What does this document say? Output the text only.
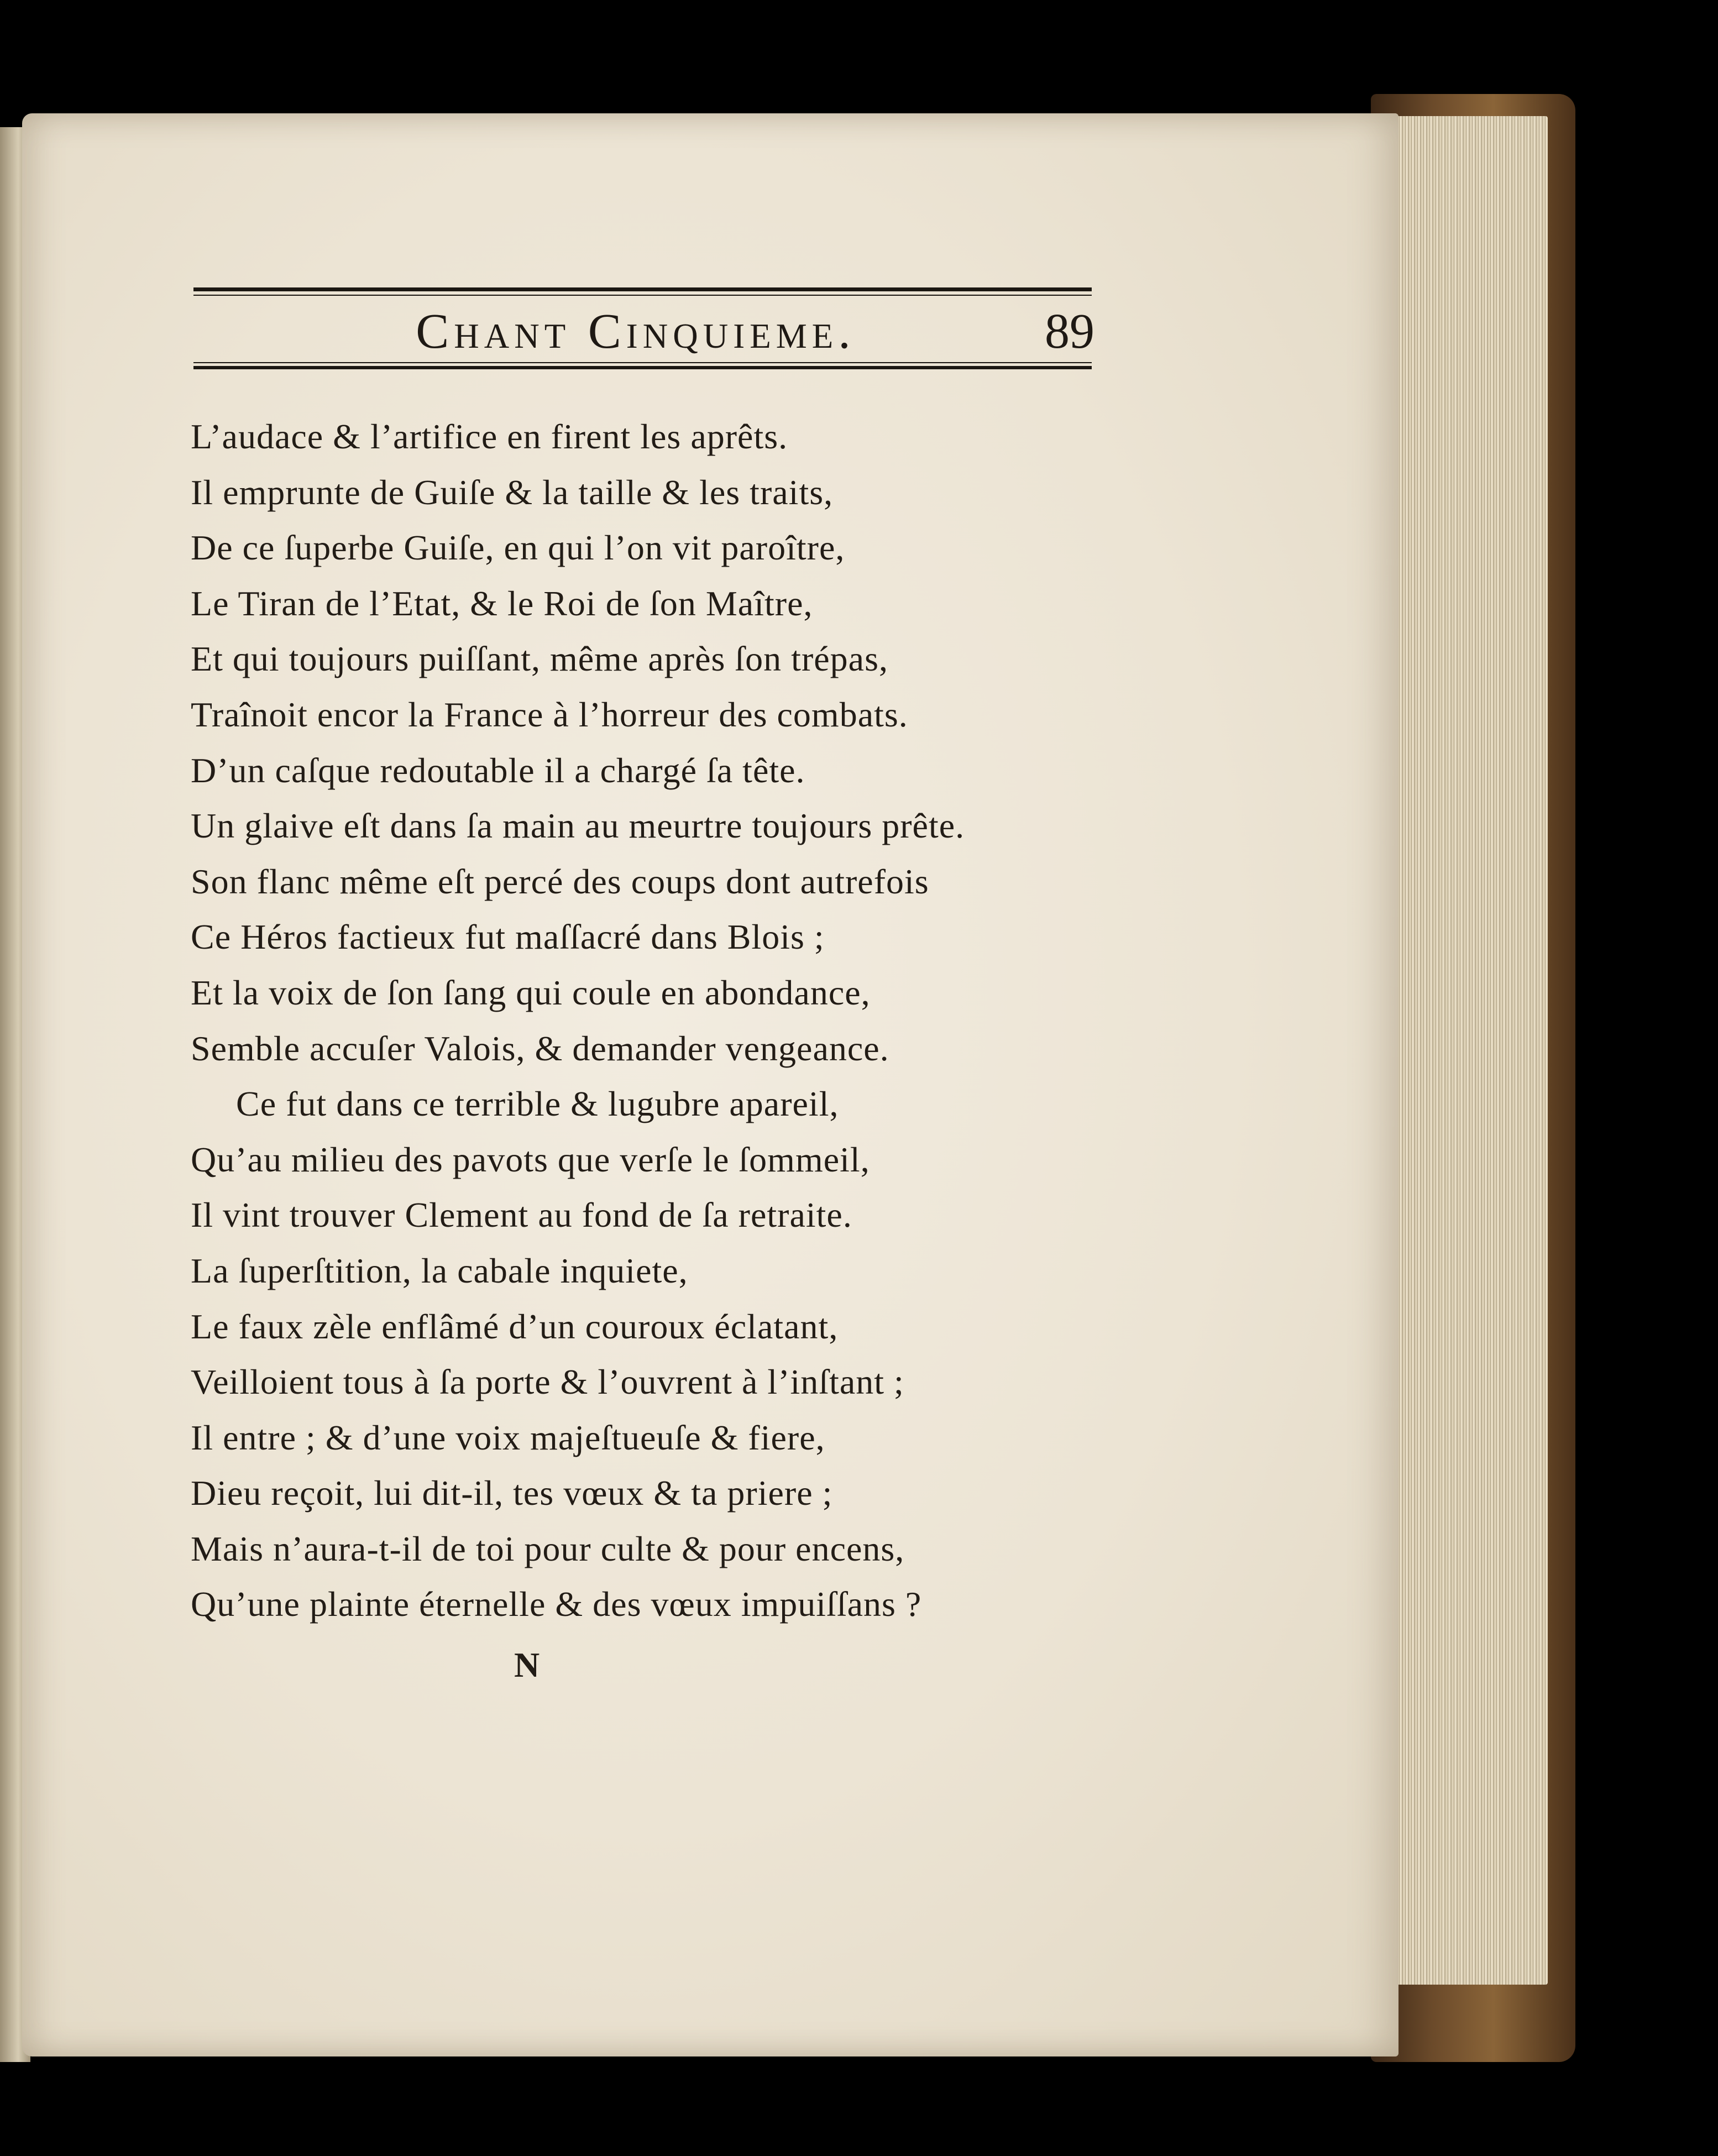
Chant Cinquieme.	89
L’audace & l’artifice en firent les aprêts.
Il emprunte de Guiſe & la taille & les traits,
De ce ſuperbe Guiſe, en qui l’on vit paroître,
Le Tiran de l’Etat, & le Roi de ſon Maître,
Et qui toujours puiſſant, même après ſon trépas,
Traînoit encor la France à l’horreur des combats.
D’un caſque redoutable il a chargé ſa tête.
Un glaive eſt dans ſa main au meurtre toujours prête.
Son flanc même eſt percé des coups dont autrefois
Ce Héros factieux fut maſſacré dans Blois ;
Et la voix de ſon ſang qui coule en abondance,
Semble accuſer Valois, & demander vengeance.
Ce fut dans ce terrible & lugubre apareil,
Qu’au milieu des pavots que verſe le ſommeil,
Il vint trouver Clement au fond de ſa retraite.
La ſuperſtition, la cabale inquiete,
Le faux zèle enflâmé d’un couroux éclatant,
Veilloient tous à ſa porte & l’ouvrent à l’inſtant ;
Il entre ; & d’une voix majeſtueuſe & fiere,
Dieu reçoit, lui dit-il, tes vœux & ta priere ;
Mais n’aura-t-il de toi pour culte & pour encens,
Qu’une plainte éternelle & des vœux impuiſſans ?
N
